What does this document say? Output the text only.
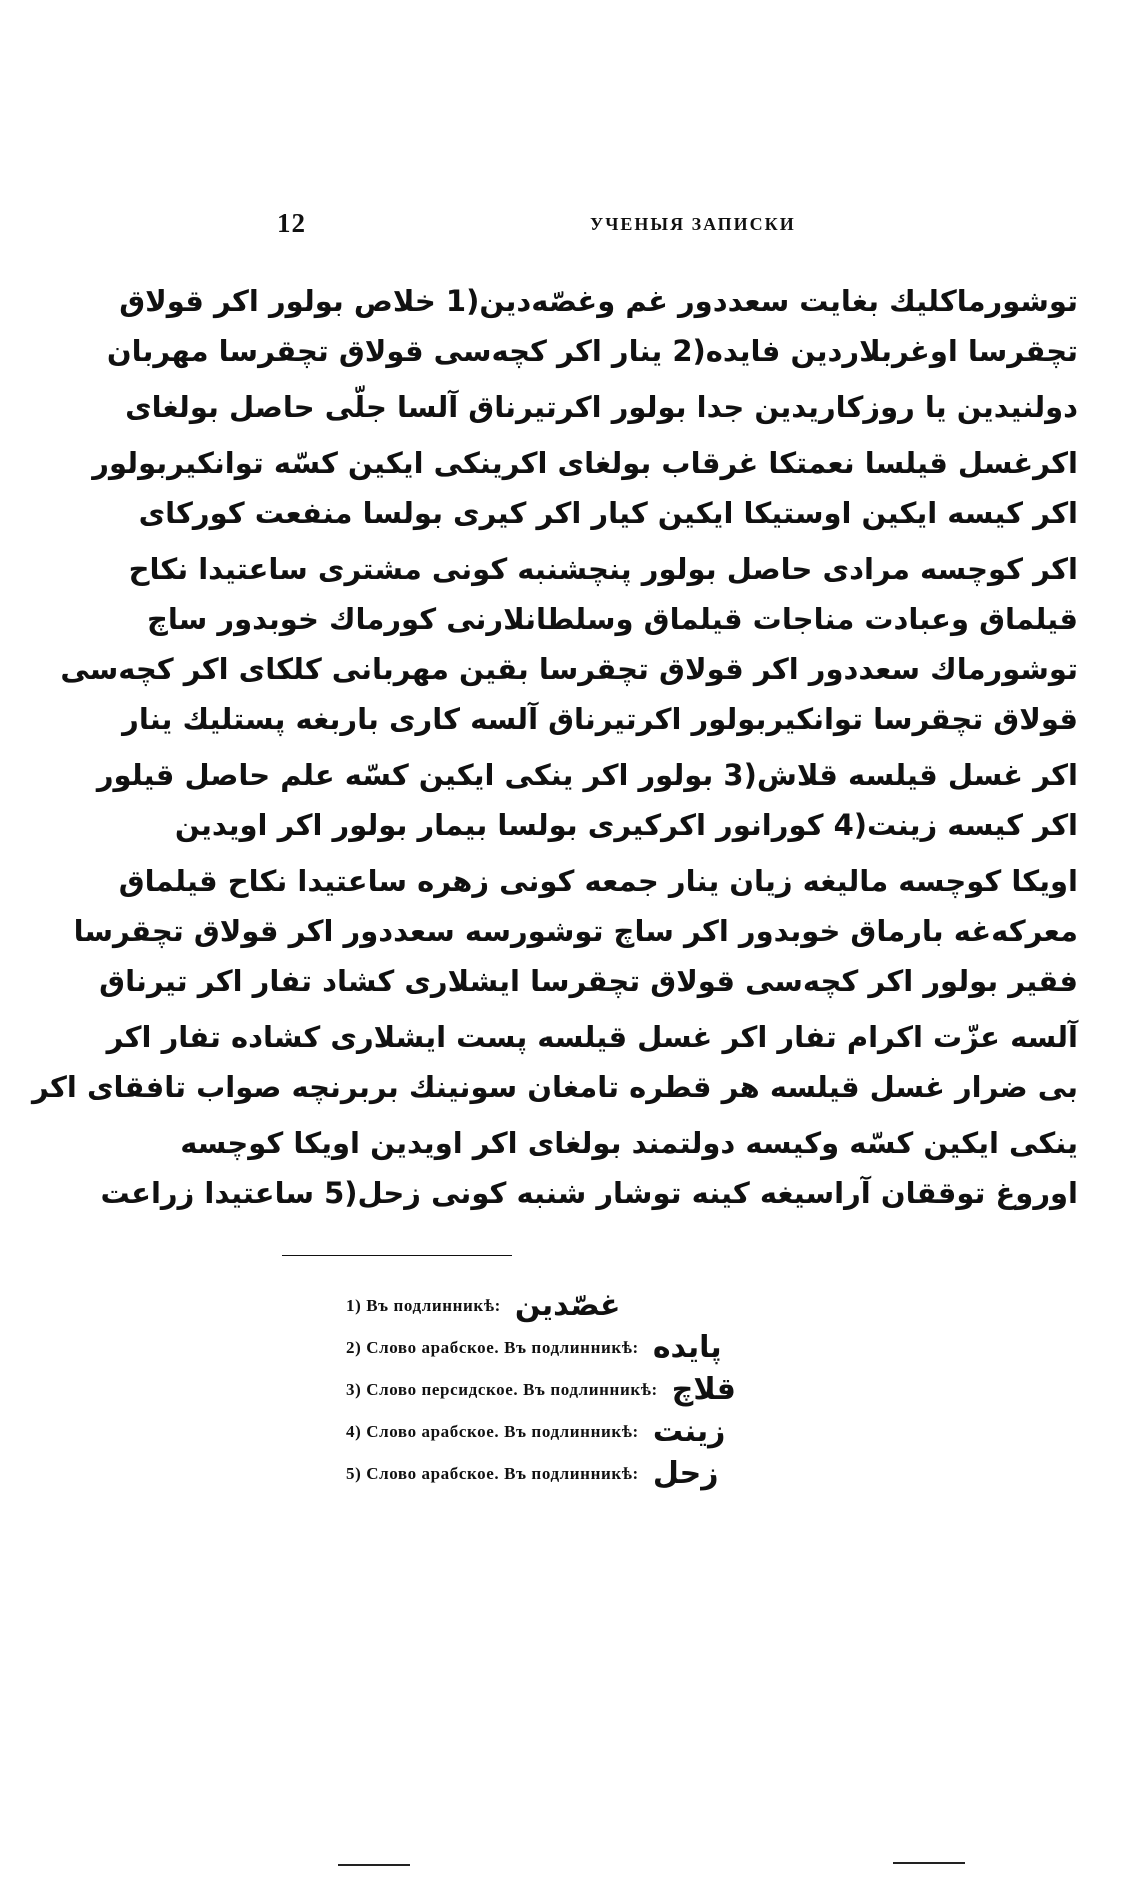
12	УЧЕНЫЯ ЗАПИСКИ
توشورماکلیك بغایت سعددور غم وغصّەدین(1 خلاص بولور اکر قولاق
تچقرسا اوغربلاردین فایده(2 ینار اکر کچەسی قولاق تچقرسا مهربان
دولنیدین یا روزکاریدین جدا بولور اکرتیرناق آلسا جلّی حاصل بولغای
اکرغسل قیلسا نعمتکا غرقاب بولغای اکرینکی ایکین کسّه توانکیربولور
اکر کیسه ایکین اوستیکا ایکین کیار اکر کیری بولسا منفعت کورکای
اکر کوچسه مرادی حاصل بولور پنچشنبه کونی مشتری ساعتیدا نکاح
قیلماق وعبادت مناجات قیلماق وسلطانلارنی کورماك خوبدور ساچ
توشورماك سعددور اکر قولاق تچقرسا بقین مهربانی کلکای اکر کچەسی
قولاق تچقرسا توانکیربولور اکرتیرناق آلسه کاری باربغه پستلیك ینار
اکر غسل قیلسه قلاش(3 بولور اکر ینکی ایکین کسّه علم حاصل قیلور
اکر کیسه زینت(4 کورانور اکرکیری بولسا بیمار بولور اکر اویدین
اویکا کوچسه مالیغه زیان ینار جمعه کونی زهره ساعتیدا نکاح قیلماق
معرکەغه بارماق خوبدور اکر ساچ توشورسه سعددور اکر قولاق تچقرسا
فقیر بولور اکر کچەسی قولاق تچقرسا ایشلاری کشاد تفار اکر تیرناق
آلسه عزّت اکرام تفار اکر غسل قیلسه پست ایشلاری کشاده تفار اکر
بی ضرار غسل قیلسه هر قطره تامغان سونینك بربرنچه صواب تافقای اکر
ینکی ایکین کسّه وکیسه دولتمند بولغای اکر اویدین اویکا کوچسه
اوروغ توققان آراسیغه کینه توشار شنبه کونی زحل(5 ساعتیدا زراعت
1) Въ подлинникѣ: غصّدین
2) Слово арабское. Въ подлинникѣ: پایده
3) Слово персидское. Въ подлинникѣ: قلاچ
4) Слово арабское. Въ подлинникѣ: زینت
5) Слово арабское. Въ подлинникѣ: زحل
